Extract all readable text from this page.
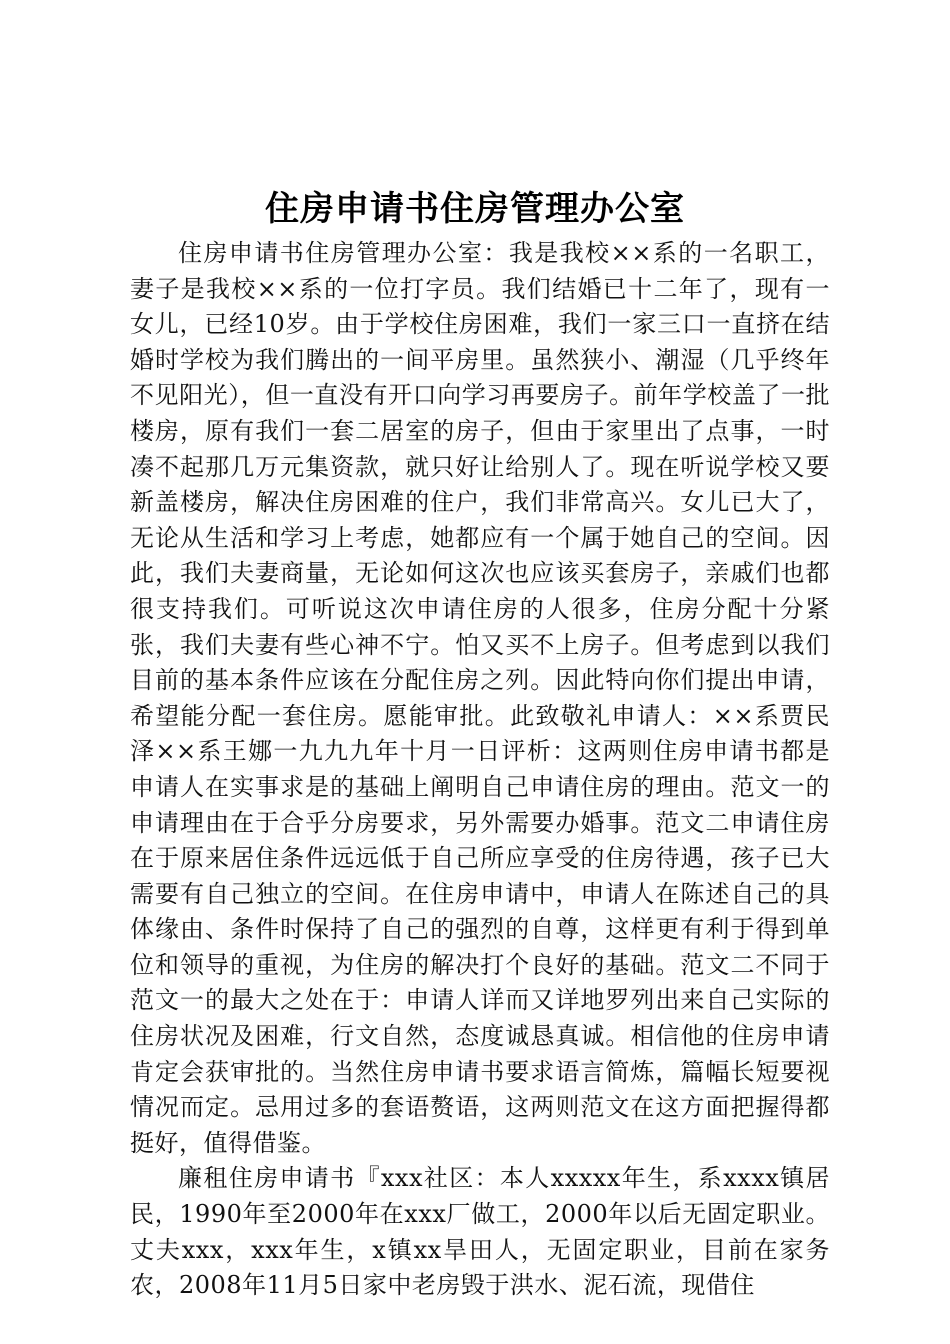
住房申请书住房管理办公室

住房申请书住房管理办公室：我是我校××系的一名职工，妻子是我校××系的一位打字员。我们结婚已十二年了，现有一女儿，已经10岁。由于学校住房困难，我们一家三口一直挤在结婚时学校为我们腾出的一间平房里。虽然狭小、潮湿（几乎终年不见阳光），但一直没有开口向学习再要房子。前年学校盖了一批楼房，原有我们一套二居室的房子，但由于家里出了点事，一时凑不起那几万元集资款，就只好让给别人了。现在听说学校又要新盖楼房，解决住房困难的住户，我们非常高兴。女儿已大了，无论从生活和学习上考虑，她都应有一个属于她自己的空间。因此，我们夫妻商量，无论如何这次也应该买套房子，亲戚们也都很支持我们。可听说这次申请住房的人很多，住房分配十分紧张，我们夫妻有些心神不宁。怕又买不上房子。但考虑到以我们目前的基本条件应该在分配住房之列。因此特向你们提出申请，希望能分配一套住房。愿能审批。此致敬礼申请人：××系贾民泽××系王娜一九九九年十月一日评析：这两则住房申请书都是申请人在实事求是的基础上阐明自己申请住房的理由。范文一的申请理由在于合乎分房要求，另外需要办婚事。范文二申请住房在于原来居住条件远远低于自己所应享受的住房待遇，孩子已大需要有自己独立的空间。在住房申请中，申请人在陈述自己的具体缘由、条件时保持了自己的强烈的自尊，这样更有利于得到单位和领导的重视，为住房的解决打个良好的基础。范文二不同于范文一的最大之处在于：申请人详而又详地罗列出来自己实际的住房状况及困难，行文自然，态度诚恳真诚。相信他的住房申请肯定会获审批的。当然住房申请书要求语言简炼，篇幅长短要视情况而定。忌用过多的套语赘语，这两则范文在这方面把握得都挺好，值得借鉴。

廉租住房申请书『xxx社区：本人xxxxx年生，系xxxx镇居民，1990年至2000年在xxx厂做工，2000年以后无固定职业。丈夫xxx，xxx年生，x镇xx旱田人，无固定职业，目前在家务农，2008年11月5日家中老房毁于洪水、泥石流，现借住
